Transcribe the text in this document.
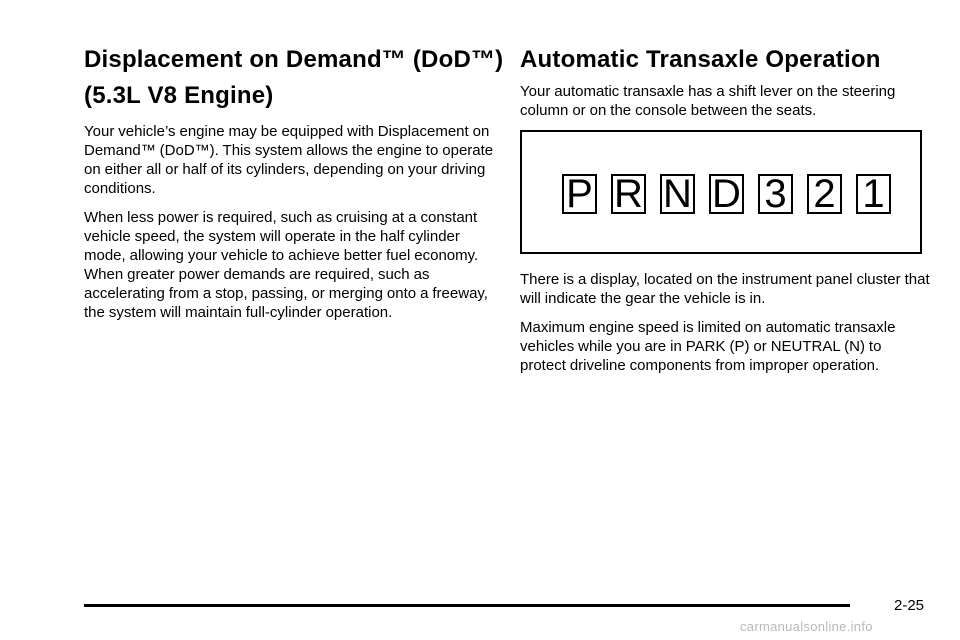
Displacement on Demand™ (DoD™) (5.3L V8 Engine)

Your vehicle’s engine may be equipped with Displacement on Demand™ (DoD™). This system allows the engine to operate on either all or half of its cylinders, depending on your driving conditions.

When less power is required, such as cruising at a constant vehicle speed, the system will operate in the half cylinder mode, allowing your vehicle to achieve better fuel economy. When greater power demands are required, such as accelerating from a stop, passing, or merging onto a freeway, the system will maintain full-cylinder operation.

Automatic Transaxle Operation

Your automatic transaxle has a shift lever on the steering column or on the console between the seats.

P R N D 3 2 1

There is a display, located on the instrument panel cluster that will indicate the gear the vehicle is in.

Maximum engine speed is limited on automatic transaxle vehicles while you are in PARK (P) or NEUTRAL (N) to protect driveline components from improper operation.

2-25
carmanualsonline.info
